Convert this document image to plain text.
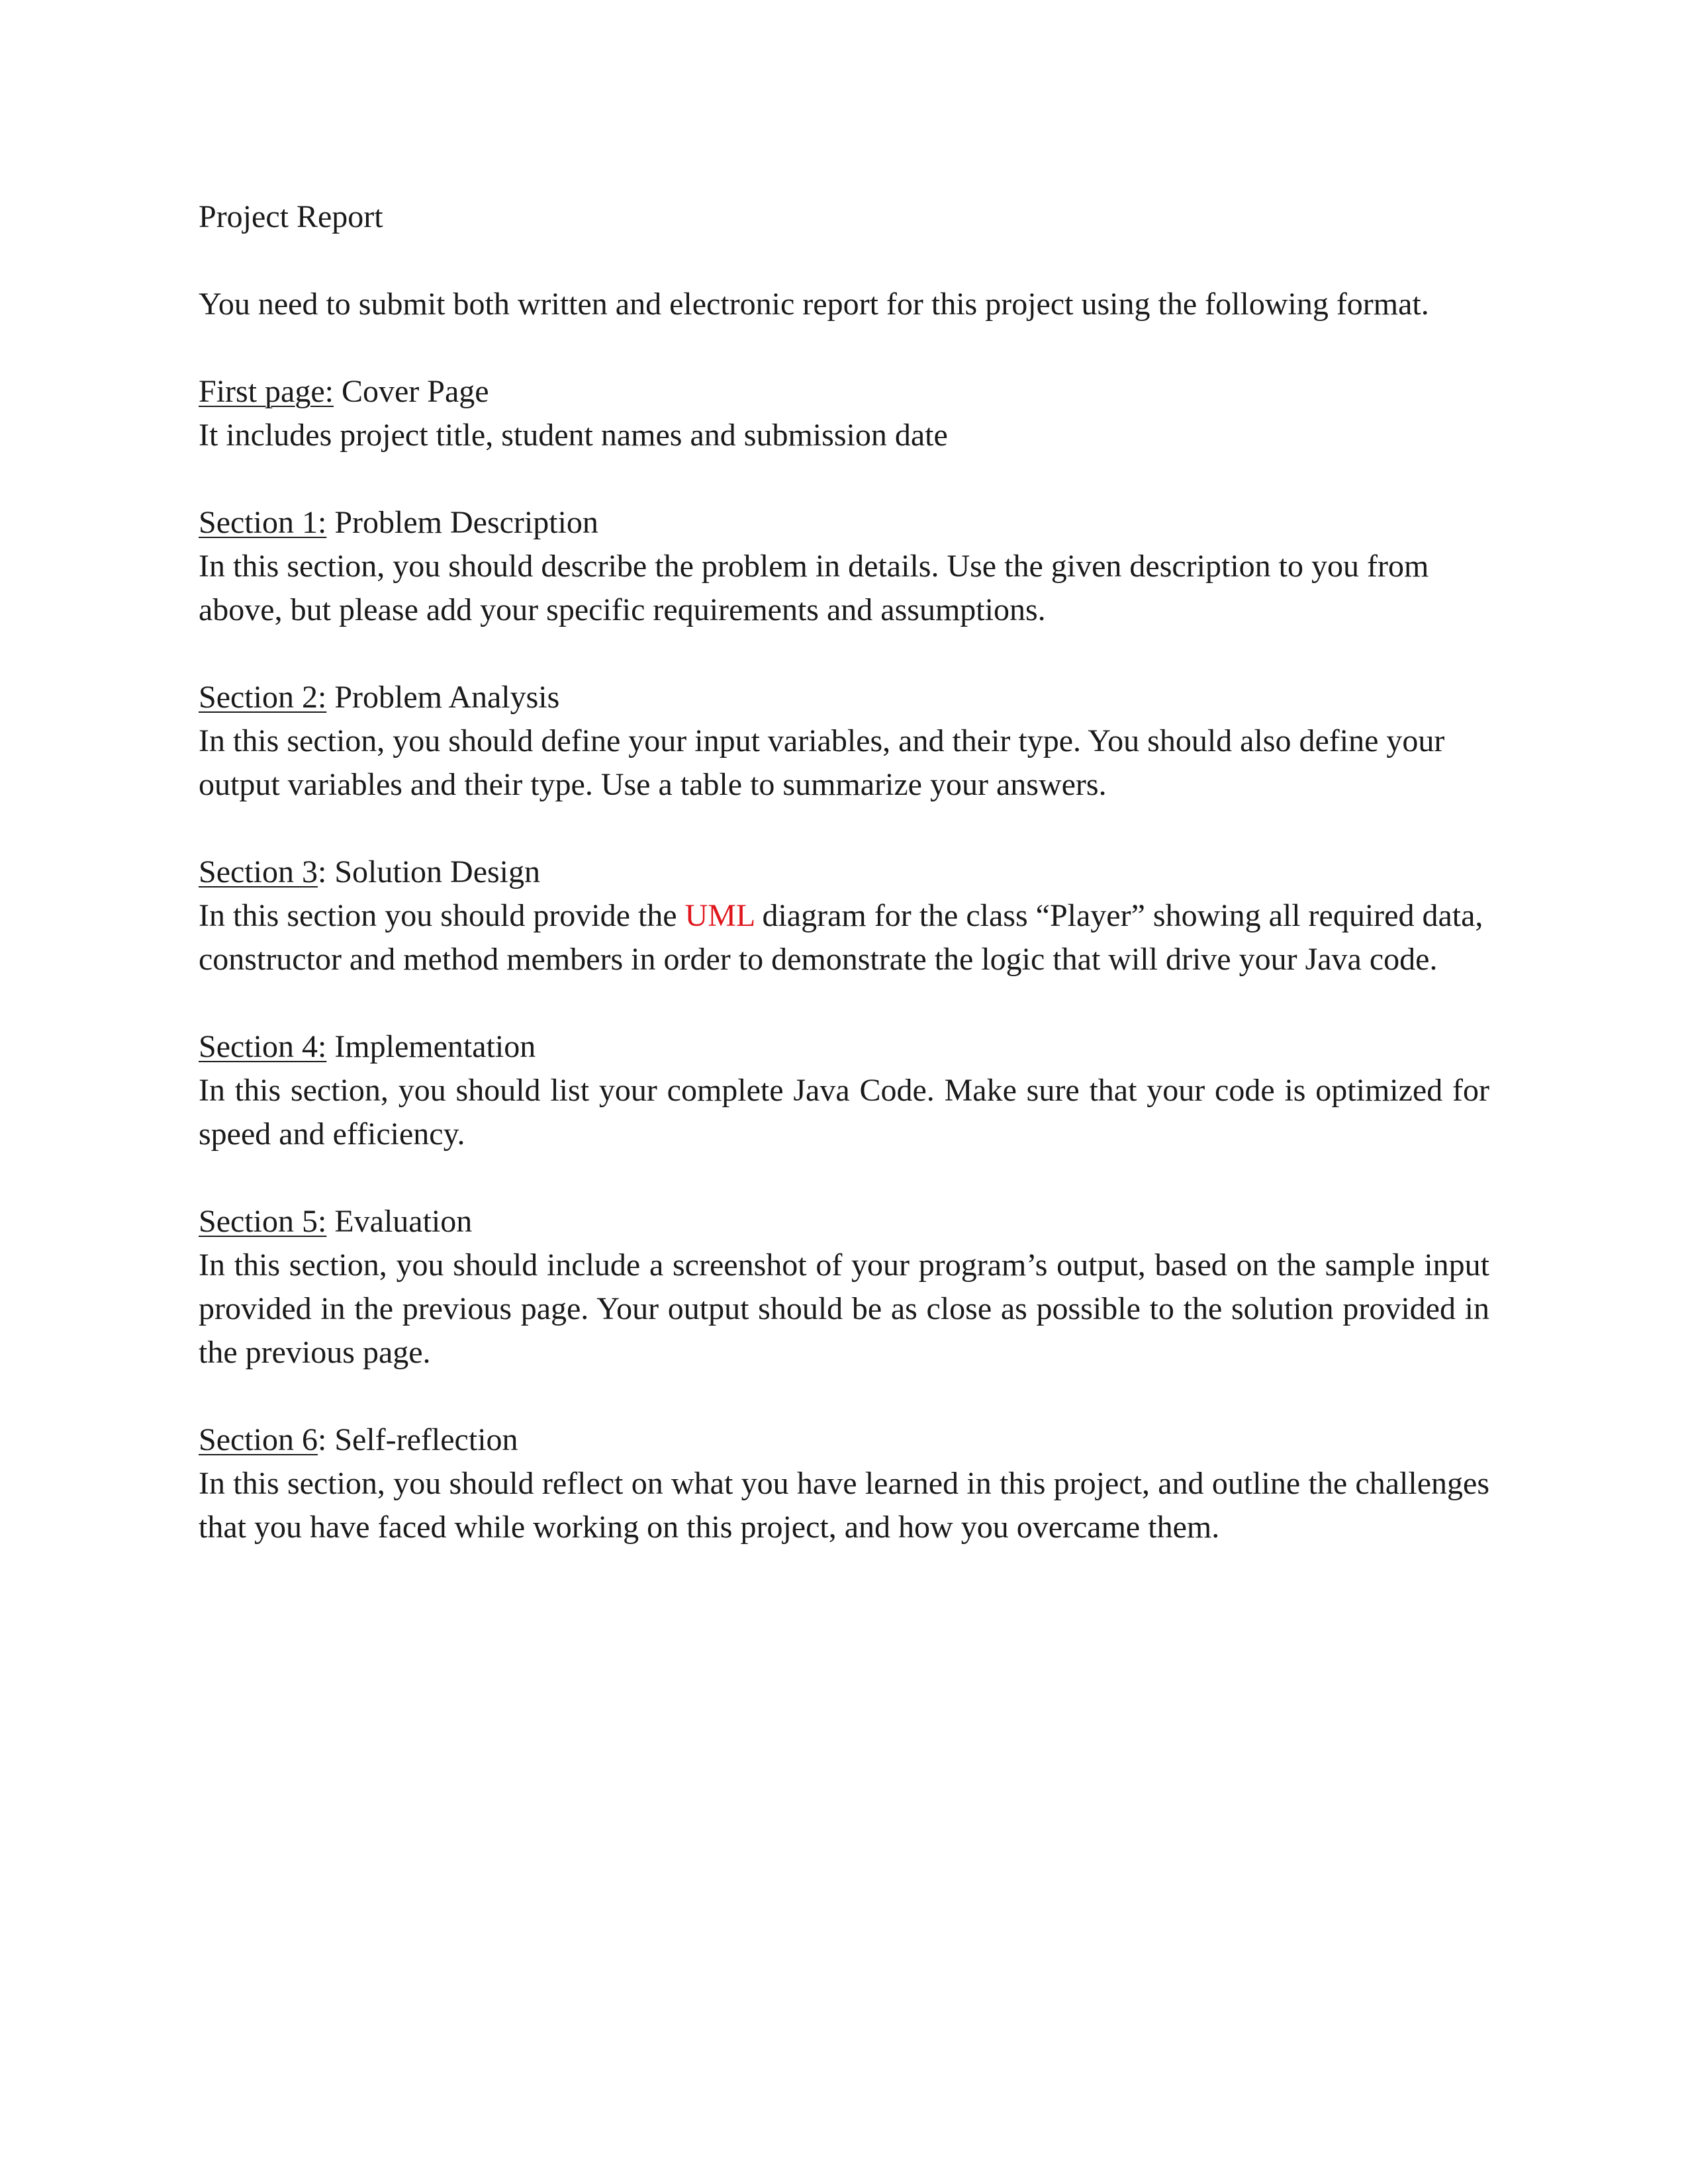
Project Report

You need to submit both written and electronic report for this project using the following format.

First page: Cover Page

It includes project title, student names and submission date

Section 1: Problem Description

In this section, you should describe the problem in details. Use the given description to you from above, but please add your specific requirements and assumptions.

Section 2: Problem Analysis

In this section, you should define your input variables, and their type. You should also define your output variables and their type. Use a table to summarize your answers.

Section 3: Solution Design

In this section you should provide the UML diagram for the class “Player” showing all required data, constructor and method members in order to demonstrate the logic that will drive your Java code.

Section 4: Implementation

In this section, you should list your complete Java Code. Make sure that your code is optimized for speed and efficiency.

Section 5: Evaluation

In this section, you should include a screenshot of your program’s output, based on the sample input provided in the previous page. Your output should be as close as possible to the solution provided in the previous page.

Section 6: Self-reflection

In this section, you should reflect on what you have learned in this project, and outline the challenges that you have faced while working on this project, and how you overcame them.
